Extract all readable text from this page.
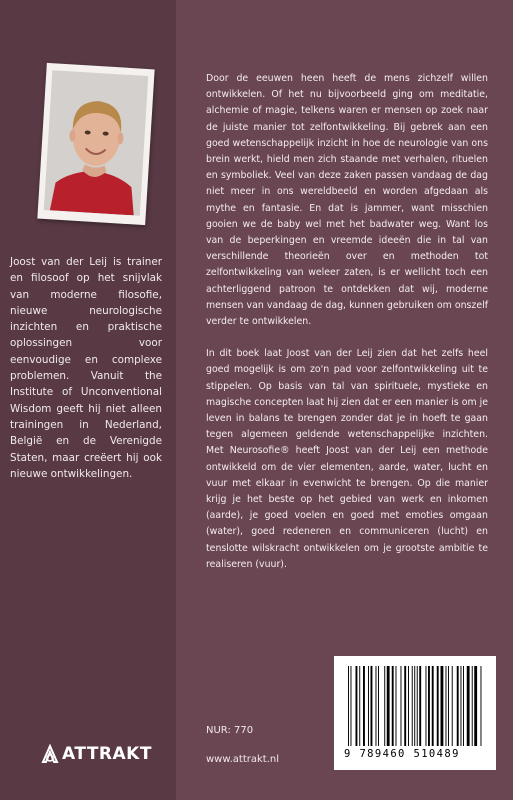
Joost van der Leij is trainer en filosoof op het snijvlak van moderne filosofie, nieuwe neurologische inzichten en praktische oplossingen voor eenvoudige en complexe problemen. Vanuit the Institute of Unconventional Wisdom geeft hij niet alleen trainingen in Nederland, België en de Verenigde Staten, maar creëert hij ook nieuwe ontwikkelingen.
ATTRAKT

Door de eeuwen heen heeft de mens zichzelf willen ontwikkelen. Of het nu bijvoorbeeld ging om meditatie, alchemie of magie, telkens waren er mensen op zoek naar de juiste manier tot zelfontwikkeling. Bij gebrek aan een goed wetenschappelijk inzicht in hoe de neurologie van ons brein werkt, hield men zich staande met verhalen, rituelen en symboliek. Veel van deze zaken passen vandaag de dag niet meer in ons wereldbeeld en worden afgedaan als mythe en fantasie. En dat is jammer, want misschien gooien we de baby wel met het badwater weg. Want los van de beperkingen en vreemde ideeën die in tal van verschillende theorieën over en methoden tot zelfontwikkeling van weleer zaten, is er wellicht toch een achterliggend patroon te ontdekken dat wij, moderne mensen van vandaag de dag, kunnen gebruiken om onszelf verder te ontwikkelen.

In dit boek laat Joost van der Leij zien dat het zelfs heel goed mogelijk is om zo'n pad voor zelfontwikkeling uit te stippelen. Op basis van tal van spirituele, mystieke en magische concepten laat hij zien dat er een manier is om je leven in balans te brengen zonder dat je in hoeft te gaan tegen algemeen geldende wetenschappelijke inzichten. Met Neurosofie® heeft Joost van der Leij een methode ontwikkeld om de vier elementen, aarde, water, lucht en vuur met elkaar in evenwicht te brengen. Op die manier krijg je het beste op het gebied van werk en inkomen (aarde), je goed voelen en goed met emoties omgaan (water), goed redeneren en communiceren (lucht) en tenslotte wilskracht ontwikkelen om je grootste ambitie te realiseren (vuur).

NUR: 770
www.attrakt.nl	9 789460 510489
